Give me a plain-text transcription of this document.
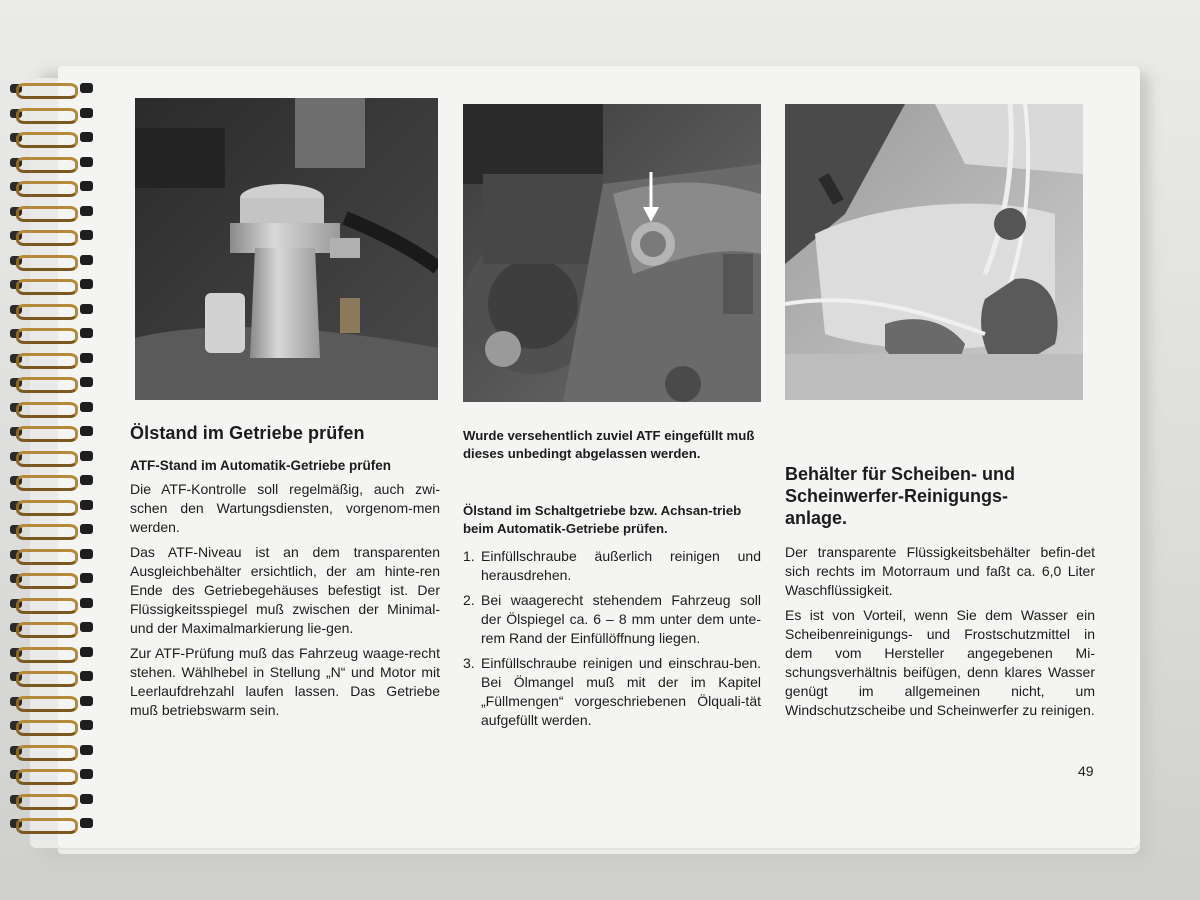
Ölstand im Getriebe prüfen
ATF-Stand im Automatik-Getriebe prüfen

Die ATF-Kontrolle soll regelmäßig, auch zwi-schen den Wartungsdiensten, vorgenom-men werden.

Das ATF-Niveau ist an dem transparenten Ausgleichbehälter ersichtlich, der am hinte-ren Ende des Getriebegehäuses befestigt ist. Der Flüssigkeitsspiegel muß zwischen der Minimal- und der Maximalmarkierung lie-gen.

Zur ATF-Prüfung muß das Fahrzeug waage-recht stehen. Wählhebel in Stellung „N“ und Motor mit Leerlaufdrehzahl laufen lassen. Das Getriebe muß betriebswarm sein.

Wurde versehentlich zuviel ATF eingefüllt muß dieses unbedingt abgelassen werden.

Ölstand im Schaltgetriebe bzw. Achsan-trieb beim Automatik-Getriebe prüfen.

1. Einfüllschraube äußerlich reinigen und herausdrehen.
2. Bei waagerecht stehendem Fahrzeug soll der Ölspiegel ca. 6 – 8 mm unter dem unte-rem Rand der Einfüllöffnung liegen.
3. Einfüllschraube reinigen und einschrau-ben. Bei Ölmangel muß mit der im Kapitel „Füllmengen“ vorgeschriebenen Ölquali-tät aufgefüllt werden.
Behälter für Scheiben- und Scheinwerfer-Reinigungs-anlage.

Der transparente Flüssigkeitsbehälter befin-det sich rechts im Motorraum und faßt ca. 6,0 Liter Waschflüssigkeit.

Es ist von Vorteil, wenn Sie dem Wasser ein Scheibenreinigungs- und Frostschutzmittel in dem vom Hersteller angegebenen Mi-schungsverhältnis beifügen, denn klares Wasser genügt im allgemeinen nicht, um Windschutzscheibe und Scheinwerfer zu reinigen.

49
